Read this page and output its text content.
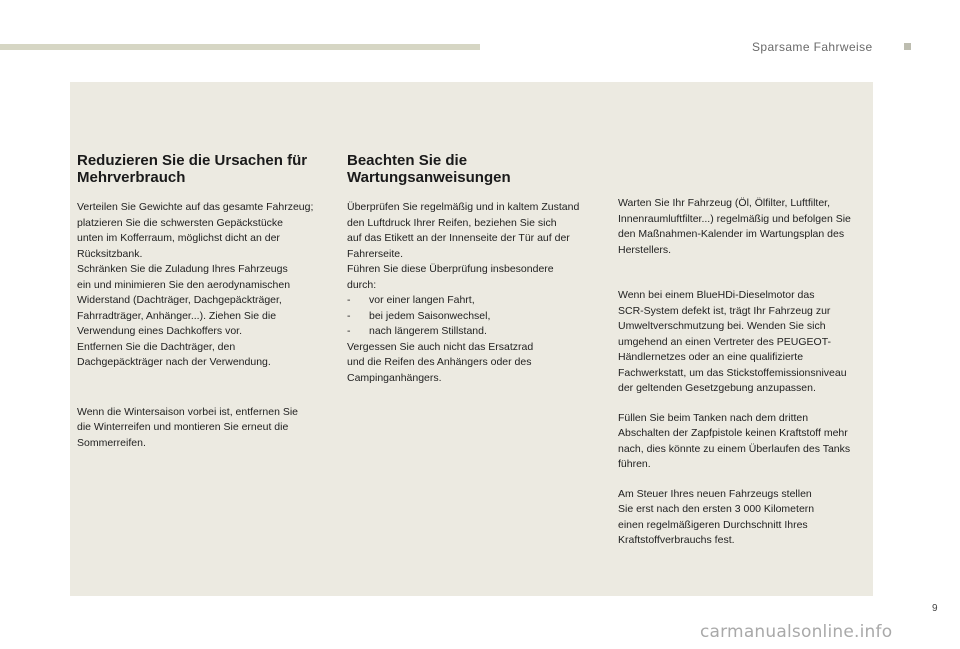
Sparsame Fahrweise
Reduzieren Sie die Ursachen für
Mehrverbrauch

Verteilen Sie Gewichte auf das gesamte Fahrzeug;
platzieren Sie die schwersten Gepäckstücke
unten im Kofferraum, möglichst dicht an der
Rücksitzbank.
Schränken Sie die Zuladung Ihres Fahrzeugs
ein und minimieren Sie den aerodynamischen
Widerstand (Dachträger, Dachgepäckträger,
Fahrradträger, Anhänger...). Ziehen Sie die
Verwendung eines Dachkoffers vor.
Entfernen Sie die Dachträger, den
Dachgepäckträger nach der Verwendung.

Wenn die Wintersaison vorbei ist, entfernen Sie
die Winterreifen und montieren Sie erneut die
Sommerreifen.

Beachten Sie die
Wartungsanweisungen

Überprüfen Sie regelmäßig und in kaltem Zustand
den Luftdruck Ihrer Reifen, beziehen Sie sich
auf das Etikett an der Innenseite der Tür auf der
Fahrerseite.
Führen Sie diese Überprüfung insbesondere
durch:

- vor einer langen Fahrt,
- bei jedem Saisonwechsel,
- nach längerem Stillstand.

Vergessen Sie auch nicht das Ersatzrad
und die Reifen des Anhängers oder des
Campinganhängers.

Warten Sie Ihr Fahrzeug (Öl, Ölfilter, Luftfilter,
Innenraumluftfilter...) regelmäßig und befolgen Sie
den Maßnahmen-Kalender im Wartungsplan des
Herstellers.

Wenn bei einem BlueHDi-Dieselmotor das
SCR-System defekt ist, trägt Ihr Fahrzeug zur
Umweltverschmutzung bei. Wenden Sie sich
umgehend an einen Vertreter des PEUGEOT-
Händlernetzes oder an eine qualifizierte
Fachwerkstatt, um das Stickstoffemissionsniveau
der geltenden Gesetzgebung anzupassen.

Füllen Sie beim Tanken nach dem dritten
Abschalten der Zapfpistole keinen Kraftstoff mehr
nach, dies könnte zu einem Überlaufen des Tanks
führen.

Am Steuer Ihres neuen Fahrzeugs stellen
Sie erst nach den ersten 3 000 Kilometern
einen regelmäßigeren Durchschnitt Ihres
Kraftstoffverbrauchs fest.

9
carmanualsonline.info
